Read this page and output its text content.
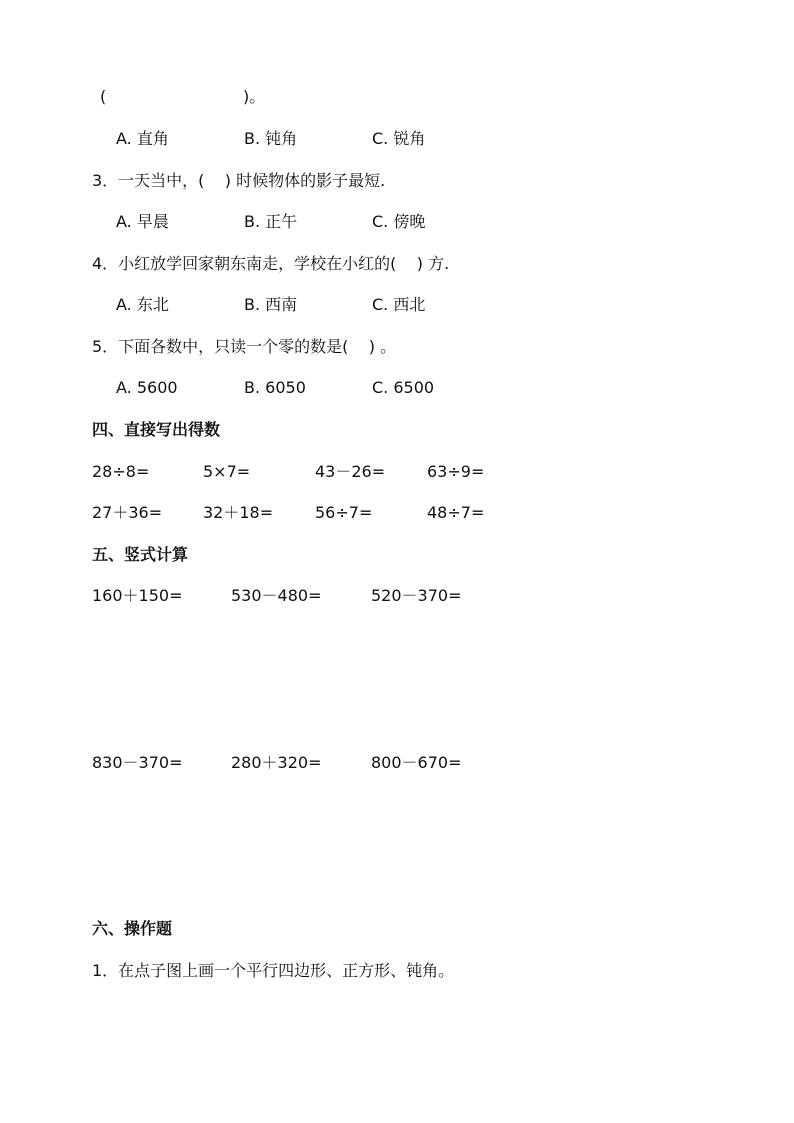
(	)。
A. 直角	B. 钝角	C. 锐角
3．一天当中，(    ) 时候物体的影子最短.
A. 早晨	B. 正午	C. 傍晚
4．小红放学回家朝东南走，学校在小红的(    ) 方.
A. 东北	B. 西南	C. 西北
5．下面各数中，只读一个零的数是(    ) 。
A. 5600	B. 6050	C. 6500
四、直接写出得数
28÷8=	5×7=	43－26=	63÷9=
27＋36=	32＋18=	56÷7=	48÷7=
五、竖式计算
160＋150=	530－480=	520－370=
830－370=	280＋320=	800－670=
六、操作题
1．在点子图上画一个平行四边形、正方形、钝角。
